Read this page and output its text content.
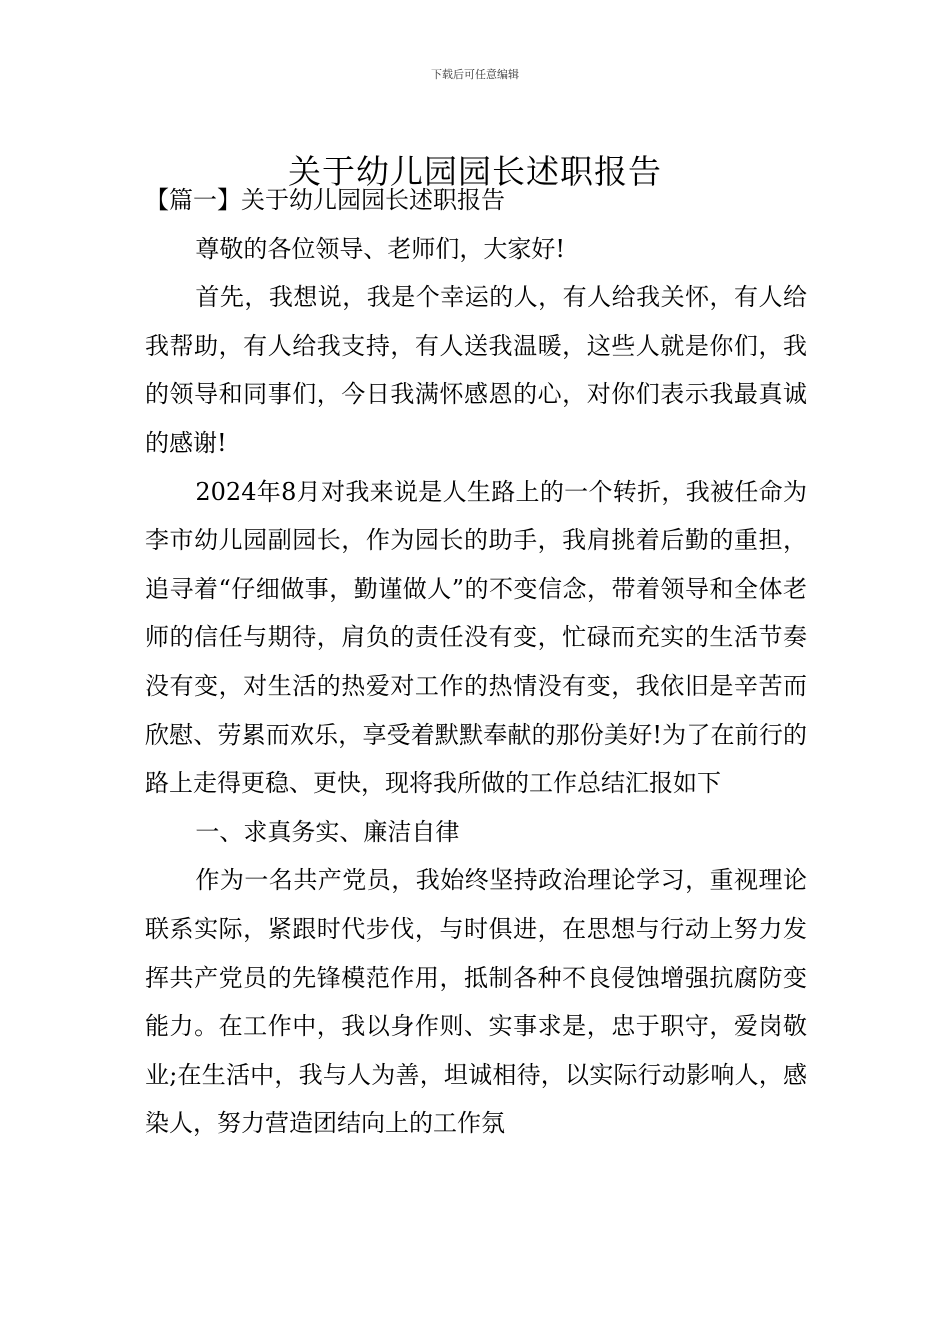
下载后可任意编辑
关于幼儿园园长述职报告

【篇一】关于幼儿园园长述职报告

尊敬的各位领导、老师们，大家好!

首先，我想说，我是个幸运的人，有人给我关怀，有人给我帮助，有人给我支持，有人送我温暖，这些人就是你们，我的领导和同事们，今日我满怀感恩的心，对你们表示我最真诚的感谢!

2024年8月对我来说是人生路上的一个转折，我被任命为李市幼儿园副园长，作为园长的助手，我肩挑着后勤的重担，追寻着“仔细做事，勤谨做人”的不变信念，带着领导和全体老师的信任与期待，肩负的责任没有变，忙碌而充实的生活节奏没有变，对生活的热爱对工作的热情没有变，我依旧是辛苦而欣慰、劳累而欢乐，享受着默默奉献的那份美好!为了在前行的路上走得更稳、更快，现将我所做的工作总结汇报如下

一、求真务实、廉洁自律

作为一名共产党员，我始终坚持政治理论学习，重视理论联系实际，紧跟时代步伐，与时俱进，在思想与行动上努力发挥共产党员的先锋模范作用，抵制各种不良侵蚀增强抗腐防变能力。在工作中，我以身作则、实事求是，忠于职守，爱岗敬业;在生活中，我与人为善，坦诚相待，以实际行动影响人，感染人，努力营造团结向上的工作氛
